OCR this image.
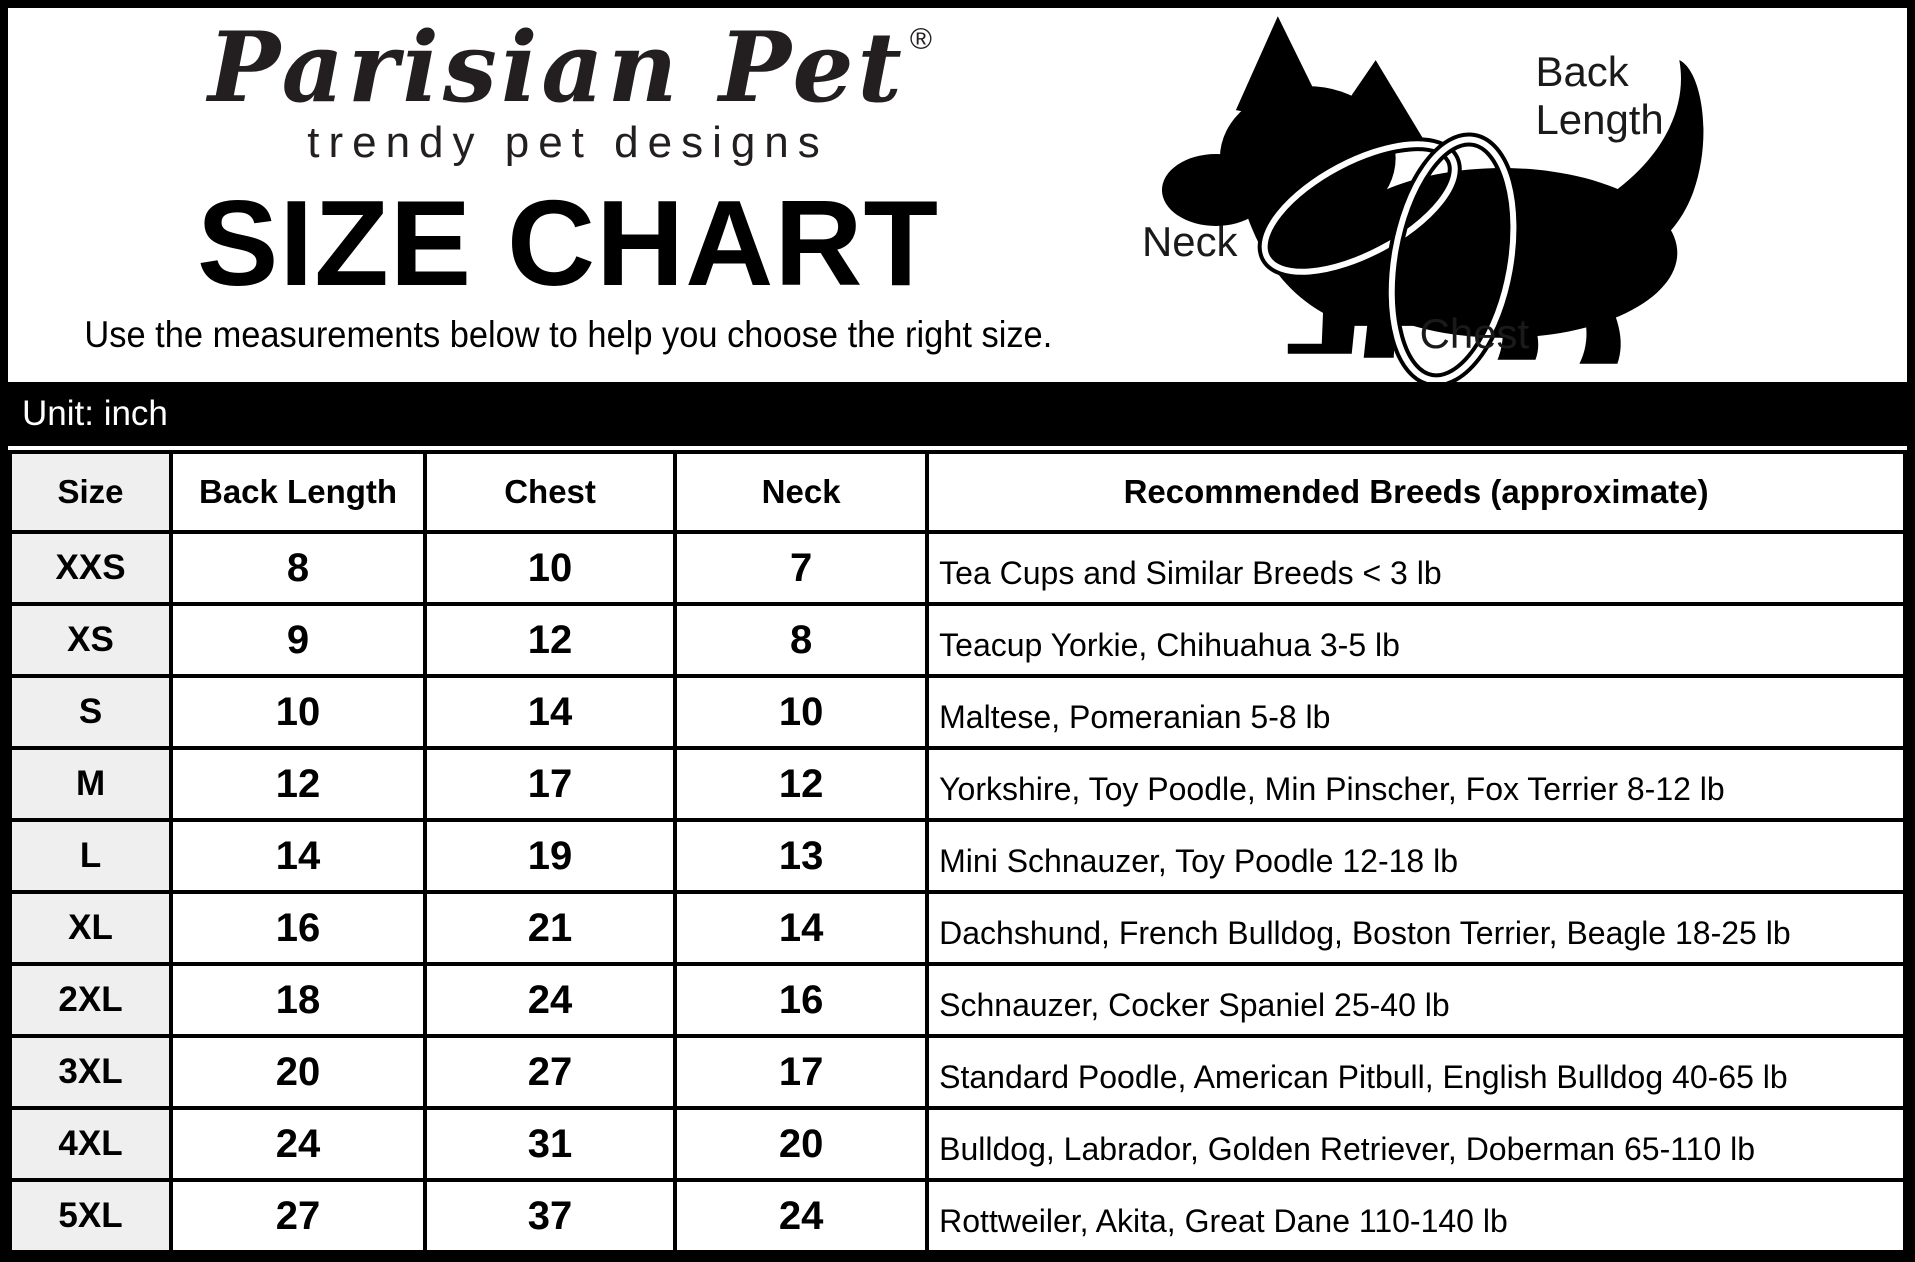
Parisian Pet ®
trendy pet designs
SIZE CHART
Use the measurements below to help you choose the right size.
Back
Length
Neck
Chest
Unit: inch
Size	Back Length	Chest	Neck	Recommended Breeds (approximate)
XXS	8	10	7	Tea Cups and Similar Breeds < 3 lb
XS	9	12	8	Teacup Yorkie, Chihuahua 3-5 lb
S	10	14	10	Maltese, Pomeranian 5-8 lb
M	12	17	12	Yorkshire, Toy Poodle, Min Pinscher, Fox Terrier 8-12 lb
L	14	19	13	Mini Schnauzer, Toy Poodle 12-18 lb
XL	16	21	14	Dachshund, French Bulldog, Boston Terrier, Beagle 18-25 lb
2XL	18	24	16	Schnauzer, Cocker Spaniel 25-40 lb
3XL	20	27	17	Standard Poodle, American Pitbull, English Bulldog 40-65 lb
4XL	24	31	20	Bulldog, Labrador, Golden Retriever, Doberman 65-110 lb
5XL	27	37	24	Rottweiler, Akita, Great Dane 110-140 lb
